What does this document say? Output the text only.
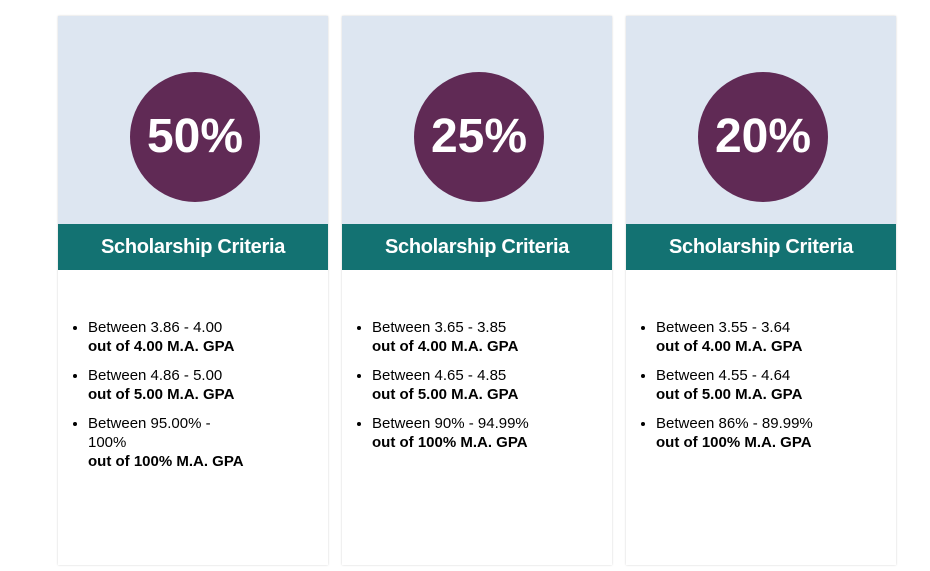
50%
Scholarship Criteria
• Between 3.86 - 4.00
out of 4.00 M.A. GPA
• Between 4.86 - 5.00
out of 5.00 M.A. GPA
• Between 95.00% - 100%
out of 100% M.A. GPA
25%
Scholarship Criteria
• Between 3.65 - 3.85
out of 4.00 M.A. GPA
• Between 4.65 - 4.85
out of 5.00 M.A. GPA
• Between 90% - 94.99%
out of 100% M.A. GPA
20%
Scholarship Criteria
• Between 3.55 - 3.64
out of 4.00 M.A. GPA
• Between 4.55 - 4.64
out of 5.00 M.A. GPA
• Between 86% - 89.99%
out of 100% M.A. GPA
